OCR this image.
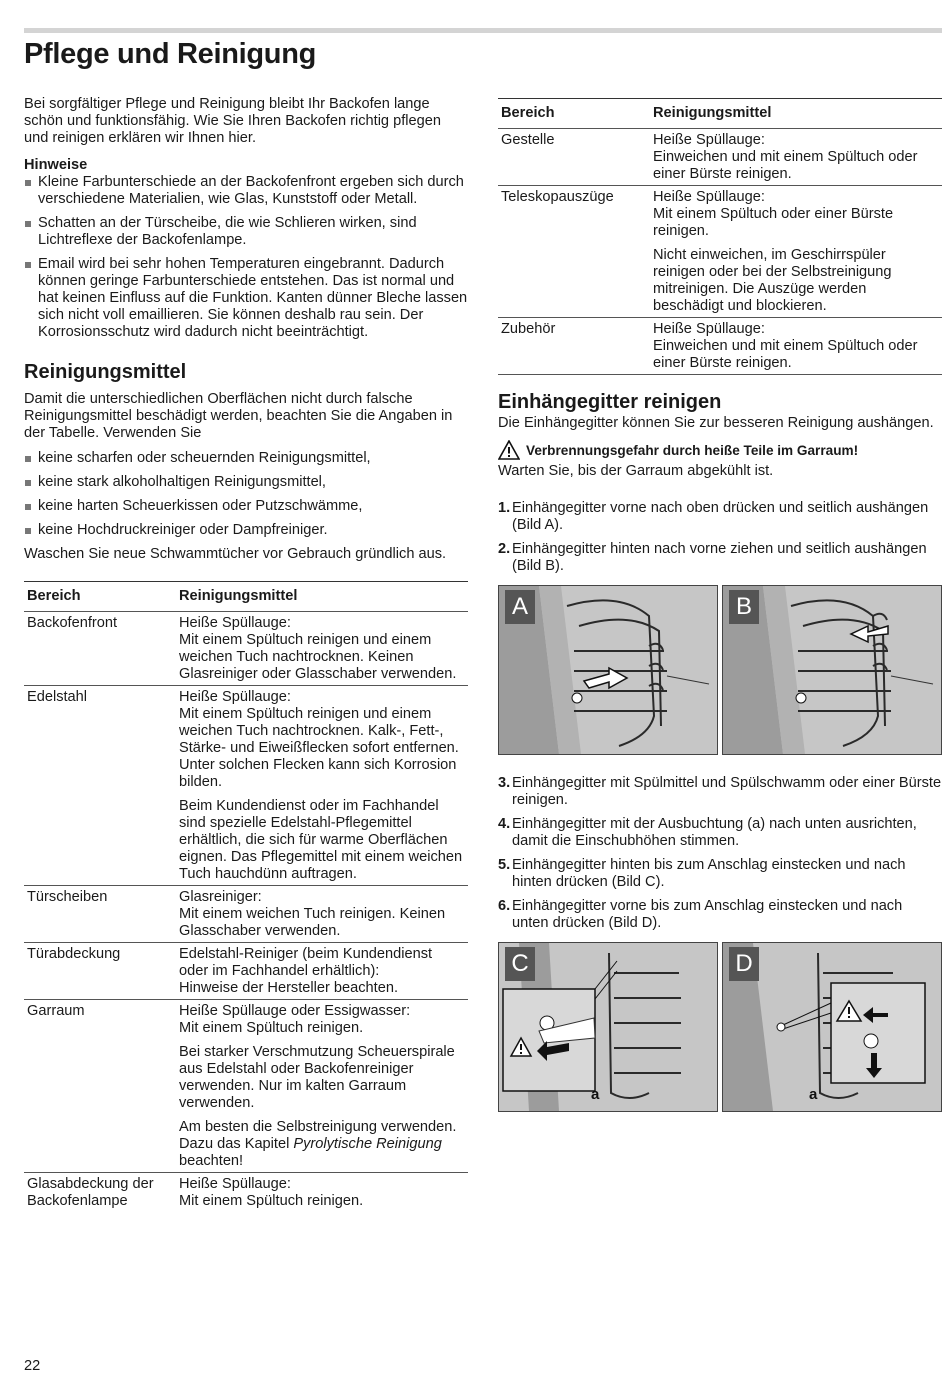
Pflege und Reinigung

Bei sorgfältiger Pflege und Reinigung bleibt Ihr Backofen lange schön und funktionsfähig. Wie Sie Ihren Backofen richtig pflegen und reinigen erklären wir Ihnen hier.

Hinweise
Kleine Farbunterschiede an der Backofenfront ergeben sich durch verschiedene Materialien, wie Glas, Kunststoff oder Metall.
Schatten an der Türscheibe, die wie Schlieren wirken, sind Lichtreflexe der Backofenlampe.
Email wird bei sehr hohen Temperaturen eingebrannt. Dadurch können geringe Farbunterschiede entstehen. Das ist normal und hat keinen Einfluss auf die Funktion. Kanten dünner Bleche lassen sich nicht voll emaillieren. Sie können deshalb rau sein. Der Korrosionsschutz wird dadurch nicht beeinträchtigt.
Reinigungsmittel

Damit die unterschiedlichen Oberflächen nicht durch falsche Reinigungsmittel beschädigt werden, beachten Sie die Angaben in der Tabelle. Verwenden Sie

keine scharfen oder scheuernden Reinigungsmittel,
keine stark alkoholhaltigen Reinigungsmittel,
keine harten Scheuerkissen oder Putzschwämme,
keine Hochdruckreiniger oder Dampfreiniger.

Waschen Sie neue Schwammtücher vor Gebrauch gründlich aus.

Bereich	Reinigungsmittel
Backofenfront	Heiße Spüllauge:

Mit einem Spültuch reinigen und einem weichen Tuch nachtrocknen. Keinen Glasreiniger oder Glasschaber verwenden.

Edelstahl	Heiße Spüllauge:

Mit einem Spültuch reinigen und einem weichen Tuch nachtrocknen. Kalk-, Fett-, Stärke- und Eiweißflecken sofort entfernen. Unter solchen Flecken kann sich Korrosion bilden.

Beim Kundendienst oder im Fachhandel sind spezielle Edelstahl-Pflegemittel erhältlich, die sich für warme Oberflächen eignen. Das Pflegemittel mit einem weichen Tuch hauchdünn auftragen.

Türscheiben	Glasreiniger:

Mit einem weichen Tuch reinigen. Keinen Glasschaber verwenden.

Türabdeckung	Edelstahl-Reiniger (beim Kundendienst oder im Fachhandel erhältlich):

Hinweise der Hersteller beachten.

Garraum	Heiße Spüllauge oder Essigwasser:

Mit einem Spültuch reinigen.

Bei starker Verschmutzung Scheuerspirale aus Edelstahl oder Backofenreiniger verwenden. Nur im kalten Garraum verwenden.

Am besten die Selbstreinigung verwenden. Dazu das Kapitel Pyrolytische Reinigung beachten!

Glasabdeckung der Backofenlampe	Heiße Spüllauge:

Mit einem Spültuch reinigen.

Bereich	Reinigungsmittel
Gestelle	Heiße Spüllauge:

Einweichen und mit einem Spültuch oder einer Bürste reinigen.

Teleskopauszüge	Heiße Spüllauge:

Mit einem Spültuch oder einer Bürste reinigen.

Nicht einweichen, im Geschirrspüler reinigen oder bei der Selbstreinigung mitreinigen. Die Auszüge werden beschädigt und blockieren.

Zubehör	Heiße Spüllauge:

Einweichen und mit einem Spültuch oder einer Bürste reinigen.

Einhängegitter reinigen

Die Einhängegitter können Sie zur besseren Reinigung aushängen.

Verbrennungsgefahr durch heiße Teile im Garraum!

Warten Sie, bis der Garraum abgekühlt ist.

1. Einhängegitter vorne nach oben drücken und seitlich aushängen (Bild A).
2. Einhängegitter hinten nach vorne ziehen und seitlich aushängen (Bild B).
A	B
3. Einhängegitter mit Spülmittel und Spülschwamm oder einer Bürste reinigen.
4. Einhängegitter mit der Ausbuchtung (a) nach unten ausrichten, damit die Einschubhöhen stimmen.
5. Einhängegitter hinten bis zum Anschlag einstecken und nach hinten drücken (Bild C).
6. Einhängegitter vorne bis zum Anschlag einstecken und nach unten drücken (Bild D).
a
C
a
D
22
